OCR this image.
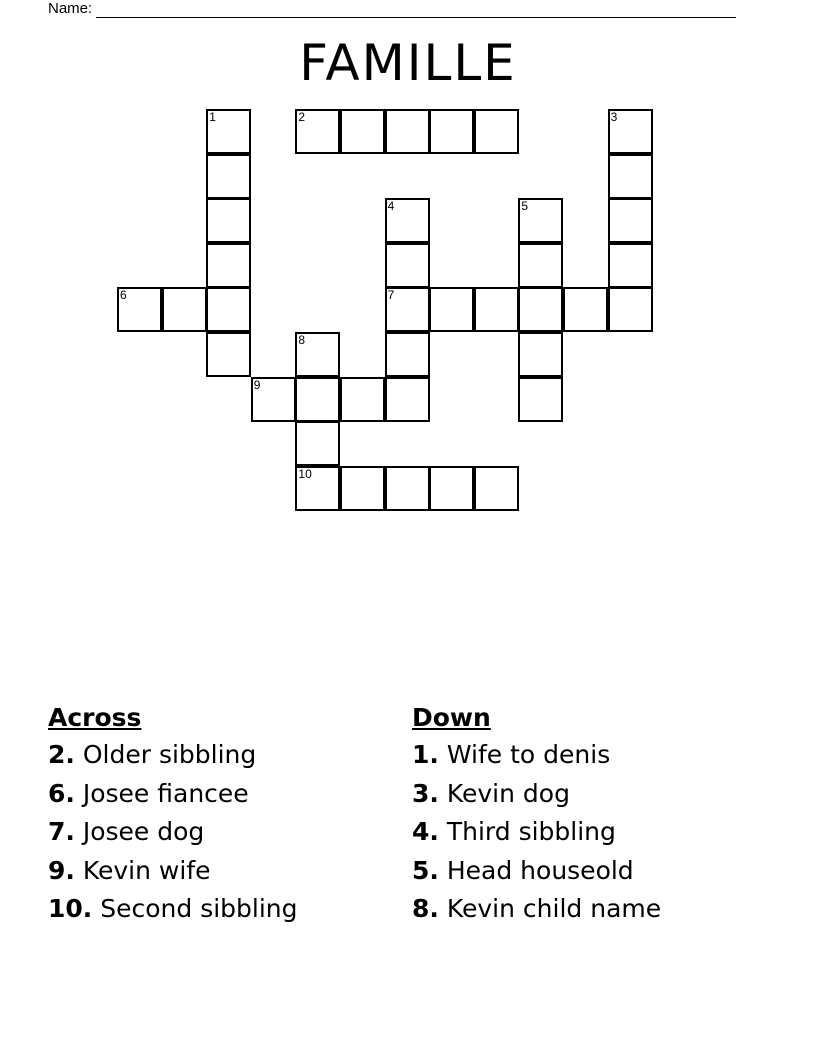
Name:
FAMILLE
1	2	3
4
7
5
6
8
10
9
Across
2. Older sibbling
6. Josee fiancee
7. Josee dog
9. Kevin wife
10. Second sibbling
Down
1. Wife to denis
3. Kevin dog
4. Third sibbling
5. Head houseold
8. Kevin child name
